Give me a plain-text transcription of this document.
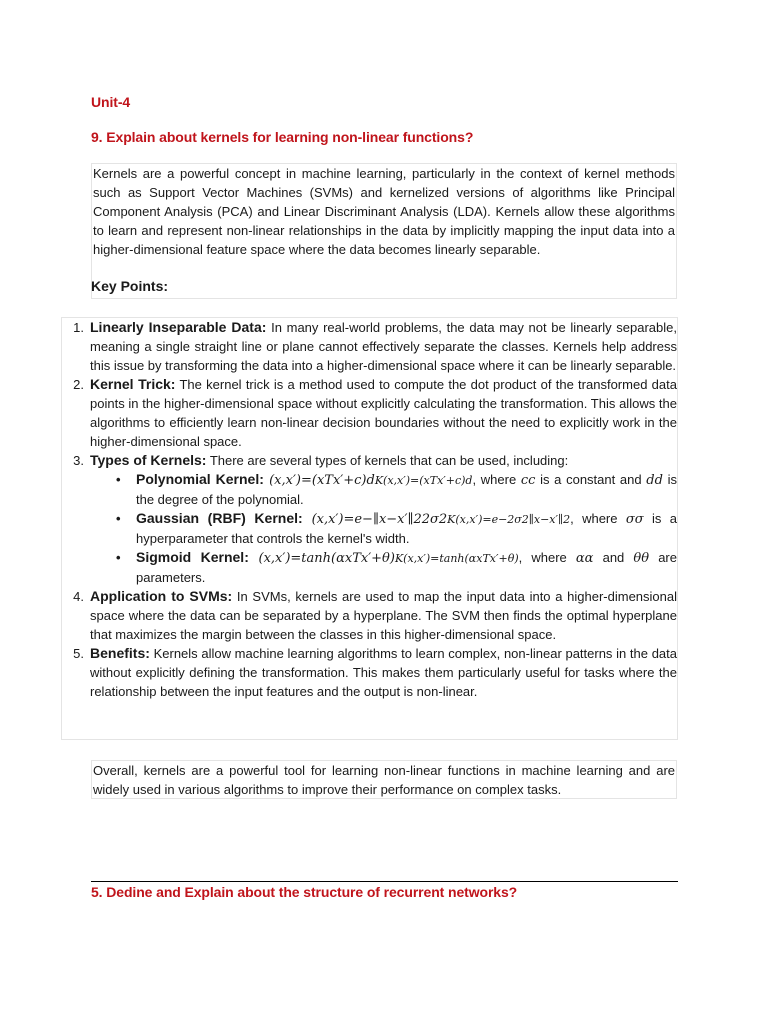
Unit-4
9. Explain about kernels for learning non-linear functions?

Kernels are a powerful concept in machine learning, particularly in the context of kernel methods such as Support Vector Machines (SVMs) and kernelized versions of algorithms like Principal Component Analysis (PCA) and Linear Discriminant Analysis (LDA). Kernels allow these algorithms to learn and represent non-linear relationships in the data by implicitly mapping the input data into a higher-dimensional feature space where the data becomes linearly separable.

Key Points:
1. Linearly Inseparable Data: In many real-world problems, the data may not be linearly separable, meaning a single straight line or plane cannot effectively separate the classes. Kernels help address this issue by transforming the data into a higher-dimensional space where it can be linearly separable.
2. Kernel Trick: The kernel trick is a method used to compute the dot product of the transformed data points in the higher-dimensional space without explicitly calculating the transformation. This allows the algorithms to efficiently learn non-linear decision boundaries without the need to explicitly work in the higher-dimensional space.
3. Types of Kernels: There are several types of kernels that can be used, including:
• Polynomial Kernel: (x,x′)=(xTx′+c)dK(x,x′)=(xTx′+c)d, where cc is a constant and dd is the degree of the polynomial.
• Gaussian (RBF) Kernel: (x,x′)=e−∥x−x′∥22σ2K(x,x′)=e−2σ2∥x−x′∥2, where σσ is a hyperparameter that controls the kernel's width.
• Sigmoid Kernel: (x,x′)=tanh(αxTx′+θ)K(x,x′)=tanh(αxTx′+θ), where αα and θθ are parameters.
4. Application to SVMs: In SVMs, kernels are used to map the input data into a higher-dimensional space where the data can be separated by a hyperplane. The SVM then finds the optimal hyperplane that maximizes the margin between the classes in this higher-dimensional space.
5. Benefits: Kernels allow machine learning algorithms to learn complex, non-linear patterns in the data without explicitly defining the transformation. This makes them particularly useful for tasks where the relationship between the input features and the output is non-linear.

Overall, kernels are a powerful tool for learning non-linear functions in machine learning and are widely used in various algorithms to improve their performance on complex tasks.

5. Dedine and Explain about the structure of recurrent networks?
